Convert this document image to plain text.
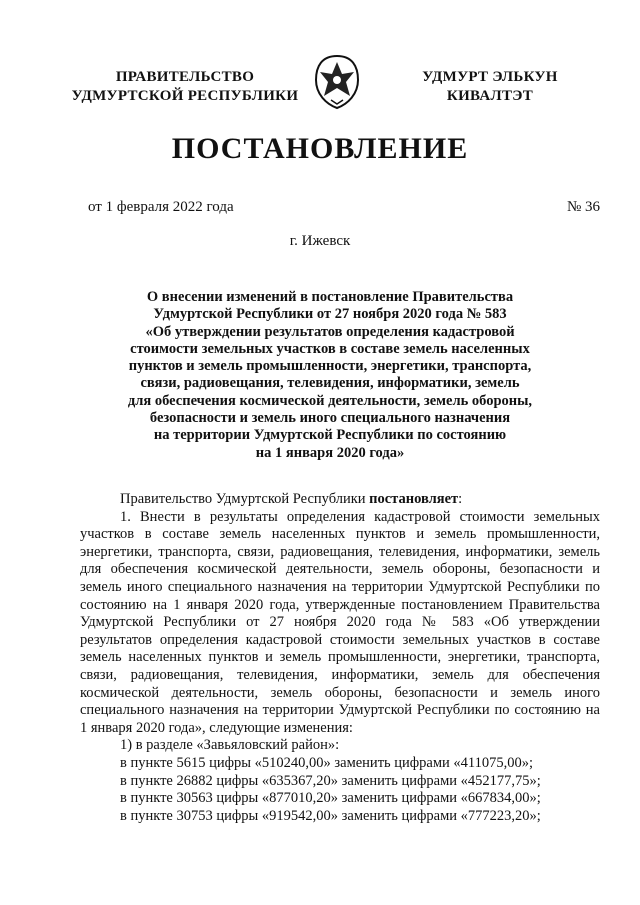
ПРАВИТЕЛЬСТВО
УДМУРТСКОЙ РЕСПУБЛИКИ
УДМУРТ ЭЛЬКУН
КИВАЛТЭТ
ПОСТАНОВЛЕНИЕ
от 1 февраля 2022 года	№ 36
г. Ижевск
О внесении изменений в постановление Правительства
Удмуртской Республики от 27 ноября 2020 года № 583
«Об утверждении результатов определения кадастровой
стоимости земельных участков в составе земель населенных
пунктов и земель промышленности, энергетики, транспорта,
связи, радиовещания, телевидения, информатики, земель
для обеспечения космической деятельности, земель обороны,
безопасности и земель иного специального назначения
на территории Удмуртской Республики по состоянию
на 1 января 2020 года»

Правительство Удмуртской Республики постановляет:

1. Внести в результаты определения кадастровой стоимости земельных участков в составе земель населенных пунктов и земель промышленности, энергетики, транспорта, связи, радиовещания, телевидения, информатики, земель для обеспечения космической деятельности, земель обороны, безопасности и земель иного специального назначения на территории Удмуртской Республики по состоянию на 1 января 2020 года, утвержденные постановлением Правительства Удмуртской Республики от 27 ноября 2020 года № 583 «Об утверждении результатов определения кадастровой стоимости земельных участков в составе земель населенных пунктов и земель промышленности, энергетики, транспорта, связи, радиовещания, телевидения, информатики, земель для обеспечения космической деятельности, земель обороны, безопасности и земель иного специального назначения на территории Удмуртской Республики по состоянию на 1 января 2020 года», следующие изменения:

1) в разделе «Завьяловский район»:

в пункте 5615 цифры «510240,00» заменить цифрами «411075,00»;

в пункте 26882 цифры «635367,20» заменить цифрами «452177,75»;

в пункте 30563 цифры «877010,20» заменить цифрами «667834,00»;

в пункте 30753 цифры «919542,00» заменить цифрами «777223,20»;
